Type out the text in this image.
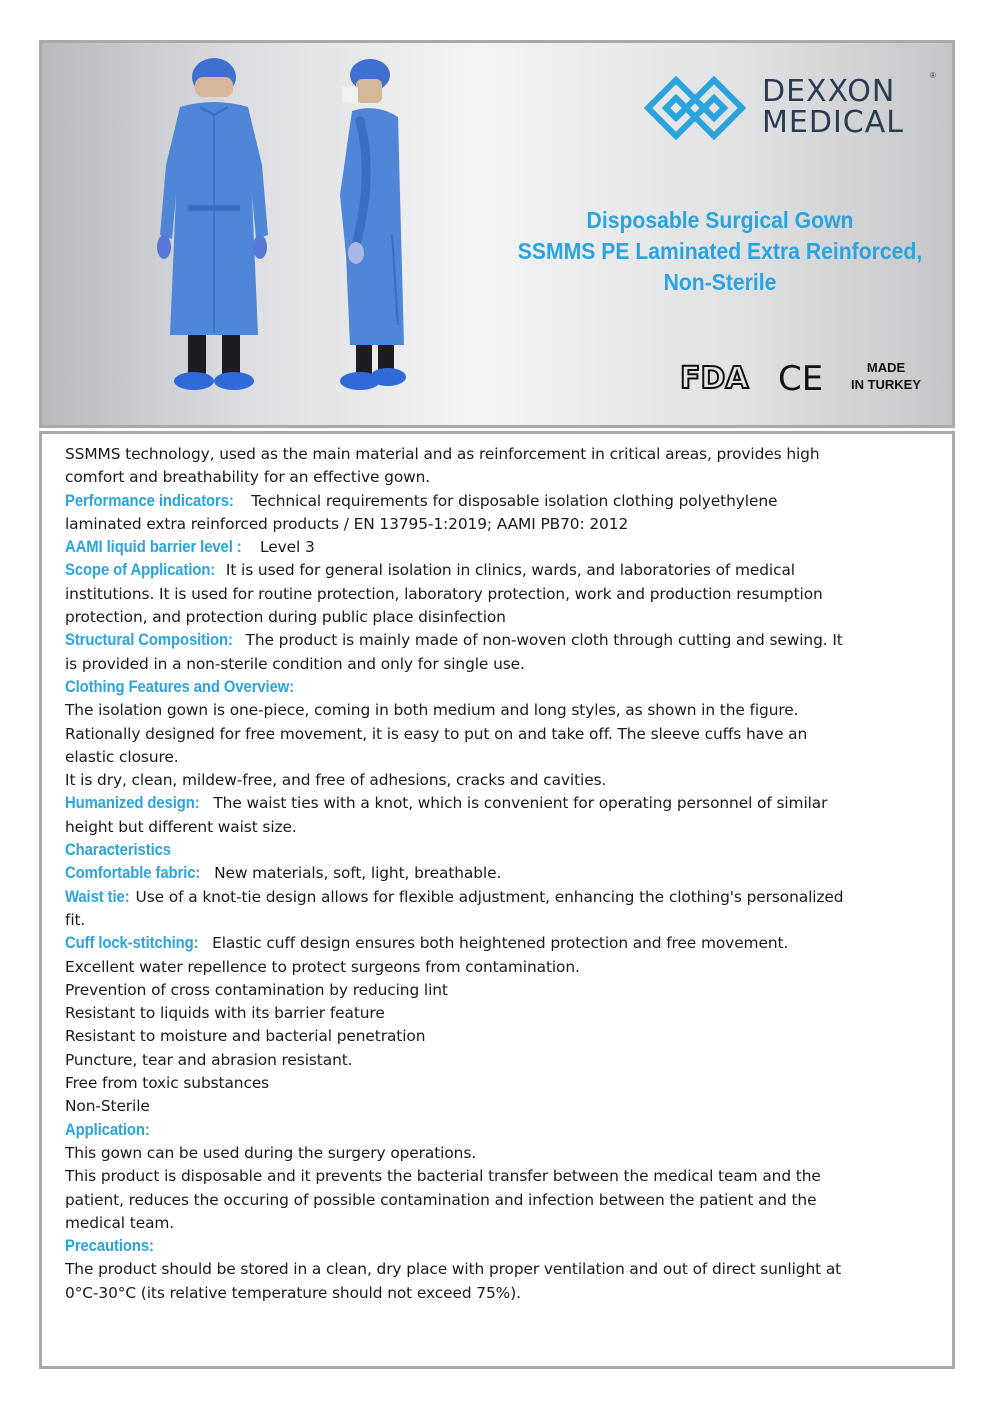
DEXXON
MEDICAL
®
Disposable Surgical Gown
SSMMS PE Laminated Extra Reinforced,
Non-Sterile
FDA CE	MADE
IN TURKEY

SSMMS technology, used as the main material and as reinforcement in critical areas, provides high comfort and breathability for an effective gown.

Performance indicators: Technical requirements for disposable isolation clothing polyethylene laminated extra reinforced products / EN 13795-1:2019; AAMI PB70: 2012

AAMI liquid barrier level : Level 3

Scope of Application: It is used for general isolation in clinics, wards, and laboratories of medical institutions. It is used for routine protection, laboratory protection, work and production resumption protection, and protection during public place disinfection

Structural Composition: The product is mainly made of non-woven cloth through cutting and sewing. It is provided in a non-sterile condition and only for single use.

Clothing Features and Overview:

The isolation gown is one-piece, coming in both medium and long styles, as shown in the figure.

Rationally designed for free movement, it is easy to put on and take off. The sleeve cuffs have an elastic closure.

It is dry, clean, mildew-free, and free of adhesions, cracks and cavities.

Humanized design: The waist ties with a knot, which is convenient for operating personnel of similar height but different waist size.

Characteristics

Comfortable fabric: New materials, soft, light, breathable.

Waist tie: Use of a knot-tie design allows for flexible adjustment, enhancing the clothing's personalized fit.

Cuff lock-stitching: Elastic cuff design ensures both heightened protection and free movement.

Excellent water repellence to protect surgeons from contamination.

Prevention of cross contamination by reducing lint

Resistant to liquids with its barrier feature

Resistant to moisture and bacterial penetration

Puncture, tear and abrasion resistant.

Free from toxic substances

Non-Sterile

Application:

This gown can be used during the surgery operations.

This product is disposable and it prevents the bacterial transfer between the medical team and the patient, reduces the occuring of possible contamination and infection between the patient and the medical team.

Precautions:

The product should be stored in a clean, dry place with proper ventilation and out of direct sunlight at 0°C-30°C (its relative temperature should not exceed 75%).
